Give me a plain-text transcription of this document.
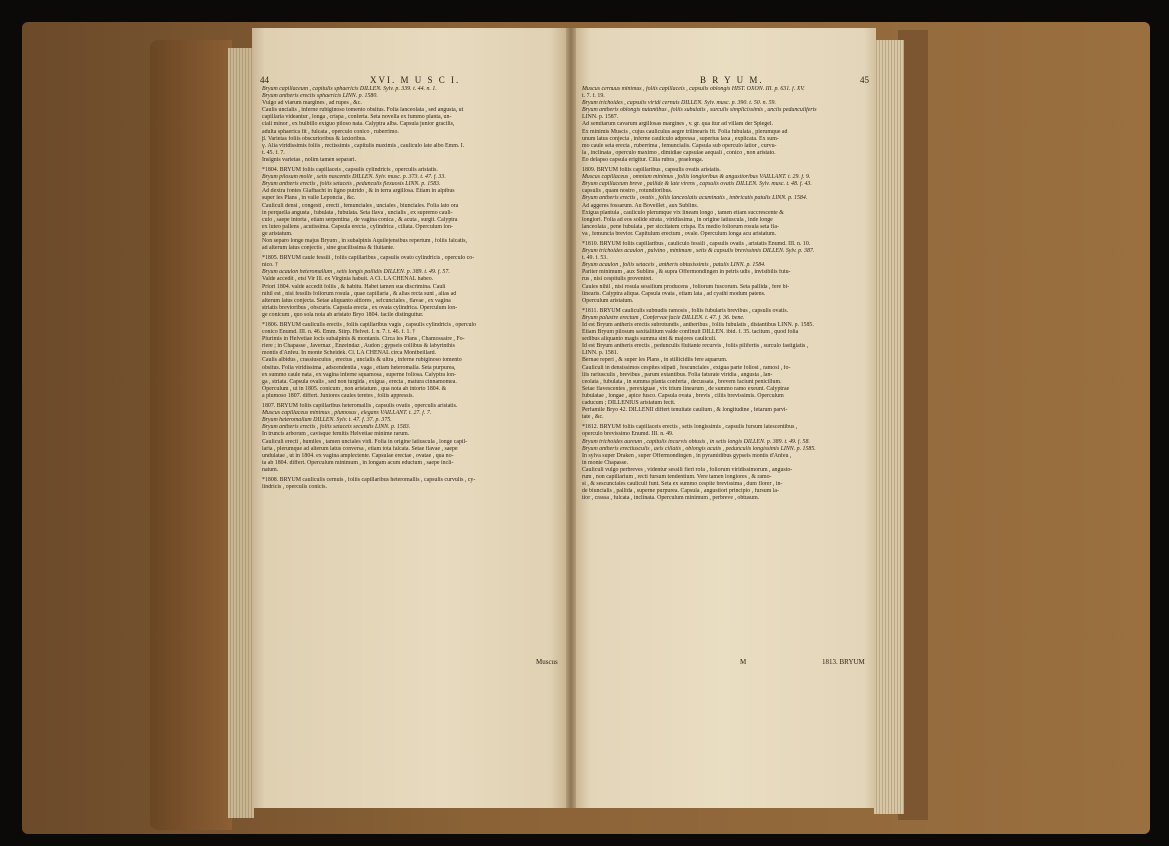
44	XVI. M U S C I.

Bryum capillaceum , capitulis sphaericis DILLEN. Sylv. p. 339. t. 44. n. 1.

Bryum antheris erectis sphaericis LINN. p. 1580.

Vulgo ad viarum margines , ad rupes , &c.

Caulis uncialis , inferne rubiginoso tomento obsitus. Folia lanceolata , sed angusta, ut

capillaria videantur , longa , crispa , conferta. Seta novella ex fummo planta, un-

ciali minor , ex bulbillo exiguo piloso nata. Calyptra alba. Capsula junior gracilis,

adulta sphaerica fit , fulcata , operculo conico , ruberrimo.

β. Varietas foliis obscurioribus & laxioribus.

γ. Alia viridissimis foliis , rectissimis , capitulis maximis , cauliculo late albo Emm. I.

t. 45. f. 7.

Insignis varietas , nolim tamen separari.

*1804. BRYUM foliis capillaceis , capsulis cylindricis , operculis aristatis.

Bryum pilosum molle , setis nascentis DILLEN. Sylv. musc. p. 373. t. 47. f. 33.

Bryum antheris erectis , foliis setaceis , pedunculis flexuosis LINN. p. 1583.

Ad dextra fontes Glafhacht in ligno putrido , & in terra argillosa. Etiam in alpibus

super les Plans , in valle Leponcia , &c.

Cauliculi densi , congesti , erecti , femunciales , unciales , biunciales. Folia lato ora

in perquella angusta , fubulata , fubulata. Seta flava , uncialis , ex supremo cauli-

culo , saepe intorta , etiam serpentina , de vagina conica , & acuta , surgit. Calyptra

ex luteo pallens , acutissima. Capsula erecta , cylindrica , ciliata. Operculum lon-

ge aristatum.

Non separo longe majus Bryum , in subalpinis Aquilejensibus repertum , foliis falcatis,

ad alterum latus conjectis , sine gracilissima & fluitante.

*1805. BRYUM caule fessili , foliis capillaribus , capsulis ovato cylindricis , operculo co-

nico. †

Bryum acaulon heteromallum , setis longis pallidis DILLEN. p. 389. t. 49. f. 57.

Valde accedit , etsi Vir Ill. ex Virginia habuit. A Cl. LA CHENAL habeo.

Priori 1804. valde accedit foliis , & habitu. Habet tamen sua discrimina. Cauli

nihil est , nisi fessilis foliorum rosula , quae capillaria , & alias recta sunt , alias ad

alterum latus conjecta. Setae aliquanto altiores , sefcunciales , flavae , ex vagina

striatis brevioribus , obscuris. Capsula erecta , ex ovata cylindrica. Operculum lon-

ge conicum , quo sola nota ab aristato Bryo 1804. facile distinguitur.

*1806. BRYUM cauliculis erectis , foliis capillaribus vagis , capsulis cylindricis , operculo

conico Enumd. III. n. 46. Emm. Stirp. Helvet. I. n. 7. t. 46. f. 1. †

Plurimis in Helvetiae locis subalpinis & montanis. Circa les Plans , Chamossaire , Fo-

riere ; in Chapasse , Javernaz , Enzeindaz , Audon ; gypseis collibus & labyrinthis

montis d'Anfeu. In monte Scheidek. Cl. LA CHENAL circa Montbeillard.

Caulis albidus , crassiusculus , erectus , uncialis & ultra , inferne rubiginoso tomento

obsitus. Folia viridissima , adscendentia , vaga , etiam heteromalla. Seta purpurea,

ex summo caule nata , ex vagina inferne squamosa , superne foliosa. Calyptra lon-

ga , striata. Capsula ovalis , sed non turgida , exigua , erecta , matura cinnamomea.

Operculum , ut in 1805. conicum , non aristatum , qua nota ab intorto 1804. &

a plumoso 1807. differt. Juniores caules teretes , foliis appressis.

1807. BRYUM foliis capillaribus heteromallis , capsulis ovatis , operculis aristatis.

Muscus capillaceus minimus , plumosus , elegans VAILLANT. t. 27. f. 7.

Bryum heteromallum DILLEN. Sylv. t. 47. f. 37. p. 375.

Bryum antheris erectis , foliis setaceis secundis LINN. p. 1583.

In truncis arborum , cavisque femitis Helvetiae minime rarum.

Cauliculi erecti , humiles , tamen unciales vidi. Folia in origine latiuscula , longe capil-

laria , plerumque ad alterum latus conversa , etiam tota falcata. Setae flavae , saepe

undulatae , ut in 1804. ex vagina amplectente. Capsulae erectae , ovatae , qua no-

ta ab 1804. differt. Operculum minimum , in longam acum eductum , saepe incli-

natum.

*1808. BRYUM cauliculis cernuis , foliis capillaribus heteromallis , capsulis curvulis , cy-

lindricis , operculis conicis.

Muscus
45
B R Y U M.

Muscus cernuus minimus , foliis capillaceis , capsulis oblongis HIST. OXON. III. p. 631. f. XV.

t. 7. f. 19.

Bryum trichoides , capsulis viridi cernuis DILLEN. Sylv. musc. p. 390. t. 50. n. 59.

Bryum antheris oblongis nutantibus , foliis subulatis , surculis simplicissimis , unciis pedunculiferis

LINN. p. 1587.

Ad semitarum cavarum argillosas margines , v. gr. qua itur ad villam der Spiegel.

Ex minimis Muscis , cujus cauliculus aegre trilinearis fit. Folia fubulata , plerumque ad

unum latus conjecta , inferne cauliculo adpressa , superius laxa , explicata. Ex sum-

mo caule seta erecta , ruberrima , femuncialis. Capsula sub operculo latior , curvu-

la , inclinata , operculo maximo , dimidiae capsulae aequali , conico , non aristato.

Eo delapso capsula erigitur. Cilia rubra , praelonga.

1809. BRYUM foliis capillaribus , capsulis ovatis aristatis.

Muscus capillaceus , omnium minimus , foliis longioribus & angustioribus VAILLANT. t. 29. f. 9.

Bryum capillaceum breve , pallide & late virens , capsulis ovatis DILLEN. Sylv. musc. t. 48. f. 43.

capsulis , quam nostro , rotundioribus.

Bryum antheris erectis , ovatis , foliis lanceolatis acuminatis , imbricatis patulis LINN. p. 1584.

Ad aggeres fossarum. Au Boveillet , aux Sublins.

Exigua plantula , cauliculo plerumque vix lineam longo , tamen etiam succrescente &

longiori. Folia ad eos solide strata , viridissima , in origine latiuscula , inde longe

lanceolata , pene fubulata , per siccitatem crispa. Ex medio foliorum rosula seta fla-

va , femuncia brevior. Capitulum erectum , ovale. Operculum longa acu aristatum.

*1810. BRYUM foliis capillaribus , cauliculo fessili , capsulis ovatis , aristatis Enumd. III. n. 10.

Bryum trichoides acaulon , pulvino , minimum , setis & capsulis brevissimis DILLEN. Sylv. p. 387.

t. 49. f. 53.

Bryum acaulon , foliis setaceis , antheris obtusissimis , patulis LINN. p. 1584.

Pariter minimum , aux Sublins , & supra Offermondingen in petris udis , invisibilis futu-

rus , nisi cespitulis provenirei.

Caules nihil , nisi rosula sessilium producens , foliorum fuscorum. Seta pallida , fere bi-

linearis. Calyptra aliqua. Capsula ovata , etiam lata , ad cyathi modum patens.

Operculum aristatum.

*1811. BRYUM cauliculis subnudis ramosis , foliis fubularis brevibus , capsulis ovatis.

Bryum palustre erectum , Confervae facie DILLEN. t. 47. f. 36. bene.

Id est Bryum antheris erectis subrotundis , antheribus , foliis fubulatis , distantibus LINN. p. 1585.

Etiam Bryum pilosum saxitalitium valde confinuit DILLEN. ibid. f. 35. tacitum , quod folia

sedibus aliquanto magis summa sint & majores cauliculi.

Id est Bryum antheris erectis , pedunculis fluitante recurvis , foliis pilifertis , surculo fastigiatis ,

LINN. p. 1581.

Bernae reperi , & super les Plans , in stillicidiis fere aquarum.

Cauliculi in densissimos cespites stipati , fescunciales , exigua parte foliosi , ramosi , fo-

liis rariusculis , brevibus , parum extantibus. Folia faturate viridia , angusta , lan-

ceolata , fubulata , in summa planta conferta , decussata , brevem faciunt penicillum.

Setae flavescentes , perexiguae , vix trium linearum , de summo ramo exeunt. Calyptrae

fubulatae , longae , apice fusco. Capsula ovata , brevis , ciliis brevissimis. Operculum

caducum ; DILLENIUS aristatum fecit.

Perfamile Bryo 42. DILLENII differt tenuitate caulium , & longitudine , fetarum parvi-

tate , &c.

*1812. BRYUM foliis capillaceis erectis , setis longissimis , capsulis fursum latescentibus ,

operculo brevissimo Enumd. III. n. 49.

Bryum trichoides aureum , capitulis incurvis obtusis , in setis longis DILLEN. p. 389. t. 49. f. 58.

Bryum antheris erectiusculis , aeis ciliatis , oblongis acutis , pedunculis longissimis LINN. p. 1585.

In sylva super Draken , super Offermondingen , in pyramidibus gypseis montis d'Anfeu ,

in monte Chapasse.

Cauliculi vulgo perbreves , videntur sessili fieri rofa , foliorum viridissimorum , angusto-

rum , non capillarium , recti fursum tendentium. Vere tamen longiores , & ramo-

si , & sescunciales cauliculi funt. Seta ex summo cespite brevissima , dum florer , in-

de biuncialis , pallida , superne purpurea. Capsula , angustiori principio , fursum la-

tior , crassa , fulcata , inclinata. Operculum minimum , perbreve , obtusum.

M	1813. BRYUM
